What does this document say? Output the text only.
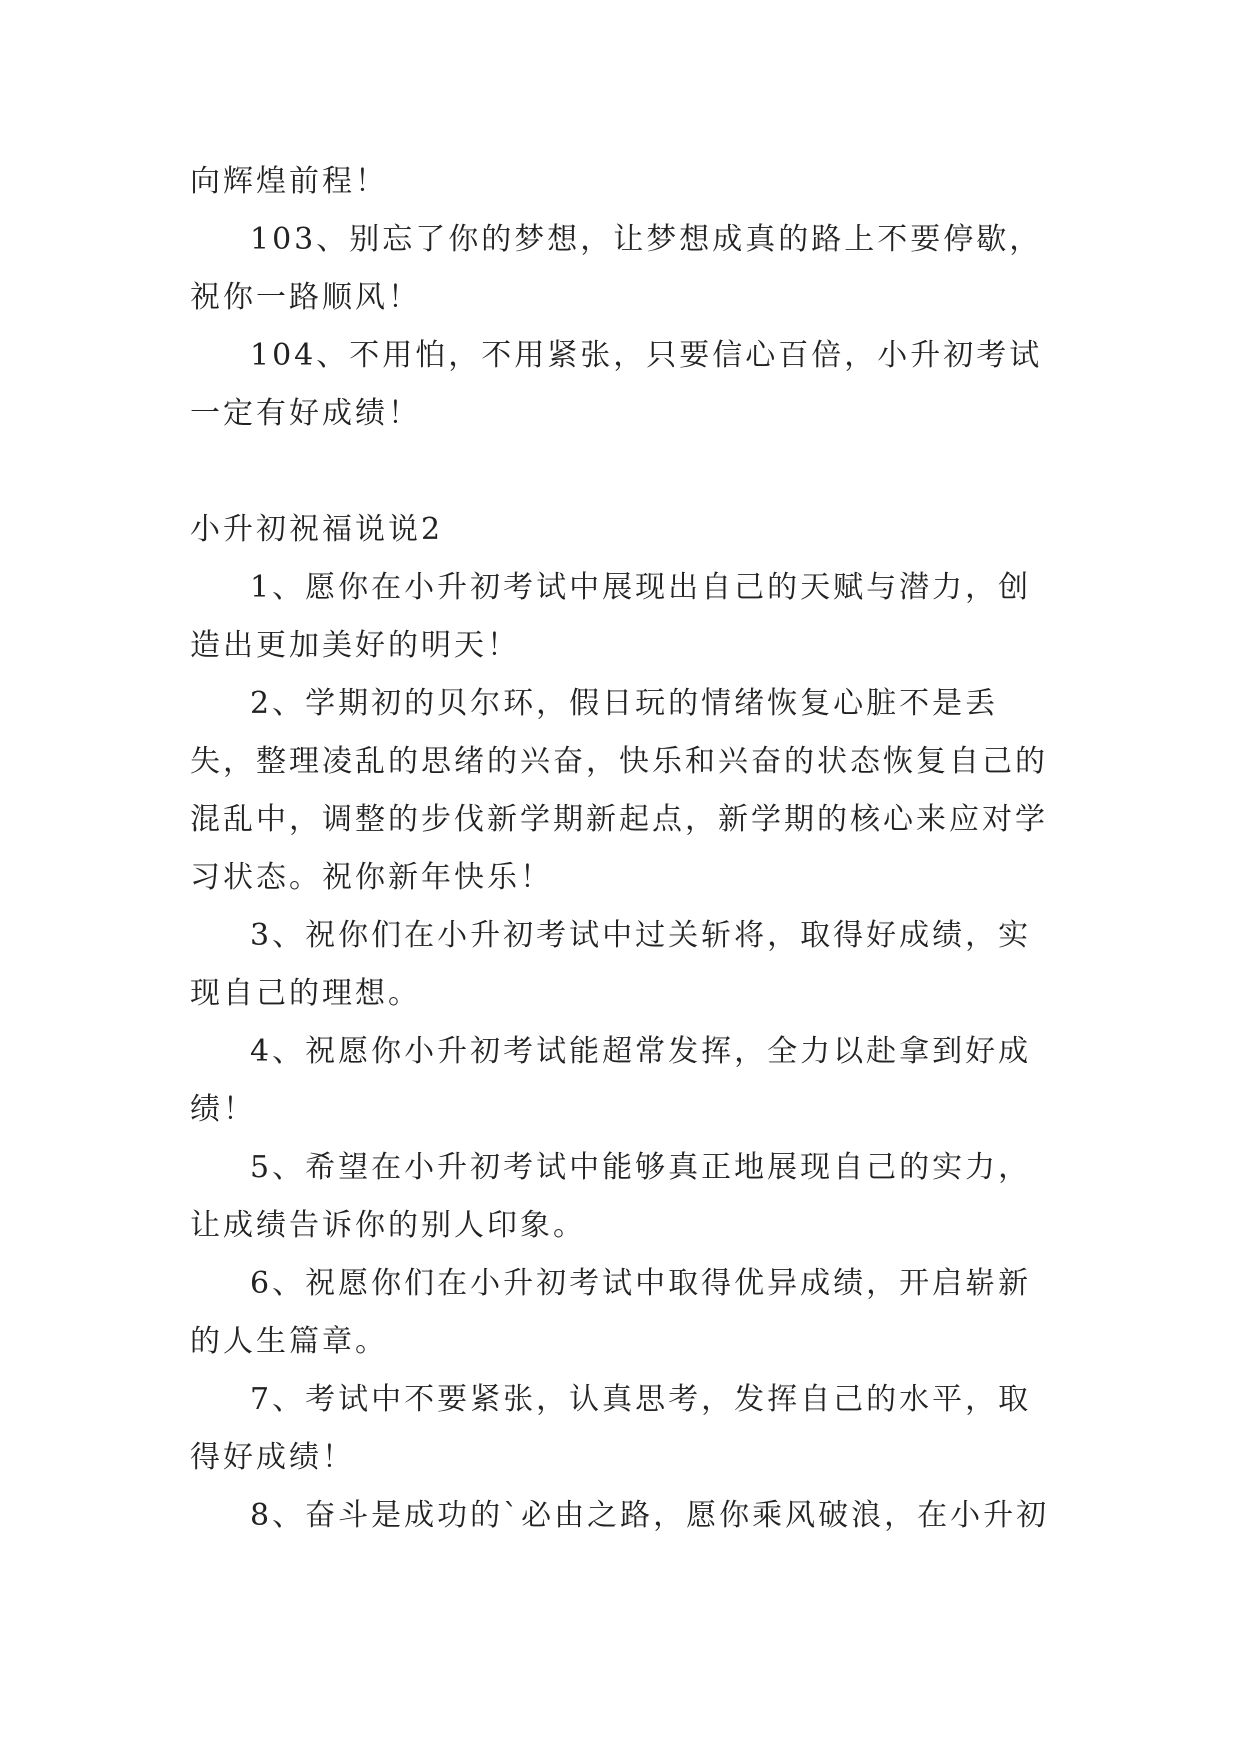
向辉煌前程！

103、别忘了你的梦想，让梦想成真的路上不要停歇，祝你一路顺风！

104、不用怕，不用紧张，只要信心百倍，小升初考试一定有好成绩！

小升初祝福说说2

1、愿你在小升初考试中展现出自己的天赋与潜力，创造出更加美好的明天！

2、学期初的贝尔环，假日玩的情绪恢复心脏不是丢失，整理凌乱的思绪的兴奋，快乐和兴奋的状态恢复自己的混乱中，调整的步伐新学期新起点，新学期的核心来应对学习状态。祝你新年快乐！

3、祝你们在小升初考试中过关斩将，取得好成绩，实现自己的理想。

4、祝愿你小升初考试能超常发挥，全力以赴拿到好成绩！

5、希望在小升初考试中能够真正地展现自己的实力，让成绩告诉你的别人印象。

6、祝愿你们在小升初考试中取得优异成绩，开启崭新的人生篇章。

7、考试中不要紧张，认真思考，发挥自己的水平，取得好成绩！

8、奋斗是成功的`必由之路，愿你乘风破浪，在小升初
